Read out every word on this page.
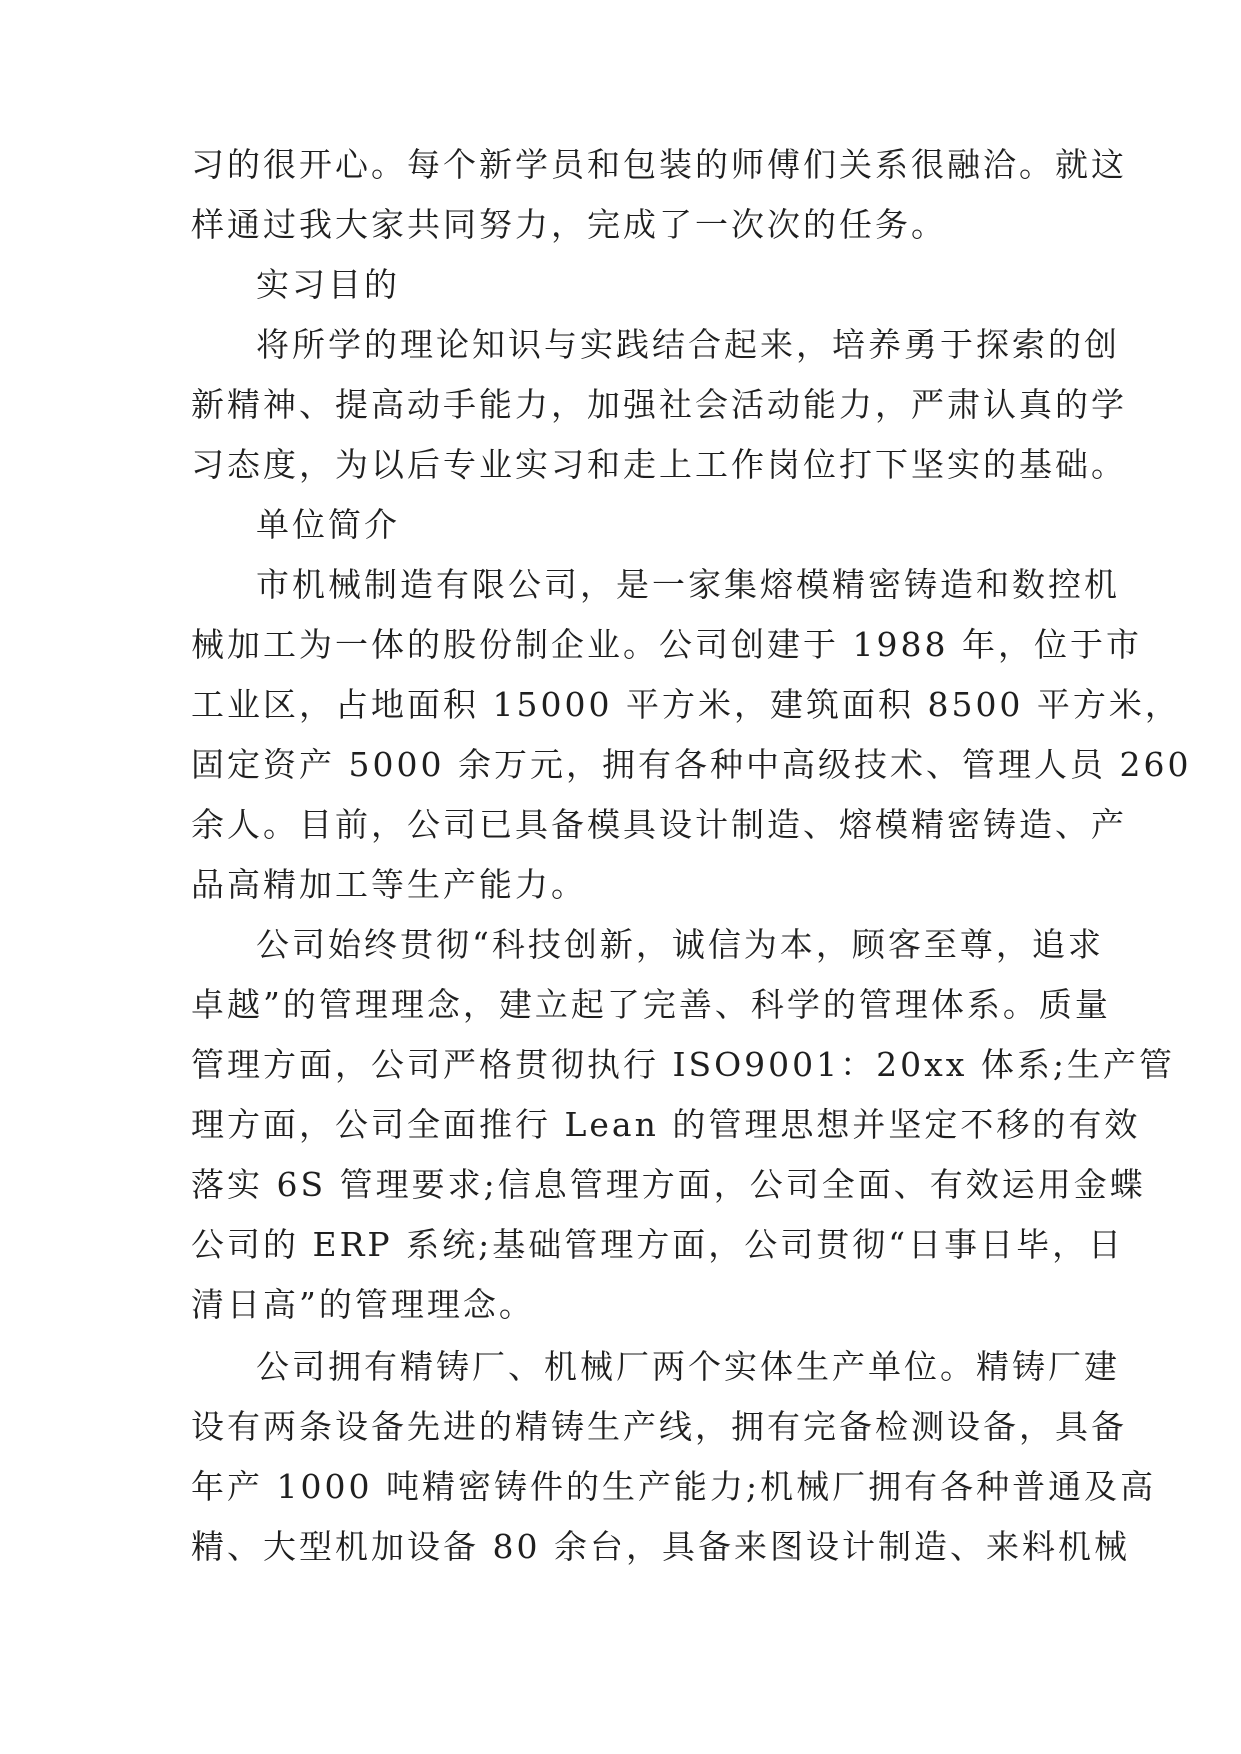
习的很开心。每个新学员和包装的师傅们关系很融洽。就这
样通过我大家共同努力，完成了一次次的任务。
实习目的
将所学的理论知识与实践结合起来，培养勇于探索的创
新精神、提高动手能力，加强社会活动能力，严肃认真的学
习态度，为以后专业实习和走上工作岗位打下坚实的基础。
单位简介
市机械制造有限公司，是一家集熔模精密铸造和数控机
械加工为一体的股份制企业。公司创建于 1988 年，位于市
工业区，占地面积 15000 平方米，建筑面积 8500 平方米，
固定资产 5000 余万元，拥有各种中高级技术、管理人员 260
余人。目前，公司已具备模具设计制造、熔模精密铸造、产
品高精加工等生产能力。
公司始终贯彻“科技创新，诚信为本，顾客至尊，追求
卓越”的管理理念，建立起了完善、科学的管理体系。质量
管理方面，公司严格贯彻执行 ISO9001：20xx 体系;生产管
理方面，公司全面推行 Lean 的管理思想并坚定不移的有效
落实 6S 管理要求;信息管理方面，公司全面、有效运用金蝶
公司的 ERP 系统;基础管理方面，公司贯彻“日事日毕，日
清日高”的管理理念。
公司拥有精铸厂、机械厂两个实体生产单位。精铸厂建
设有两条设备先进的精铸生产线，拥有完备检测设备，具备
年产 1000 吨精密铸件的生产能力;机械厂拥有各种普通及高
精、大型机加设备 80 余台，具备来图设计制造、来料机械
